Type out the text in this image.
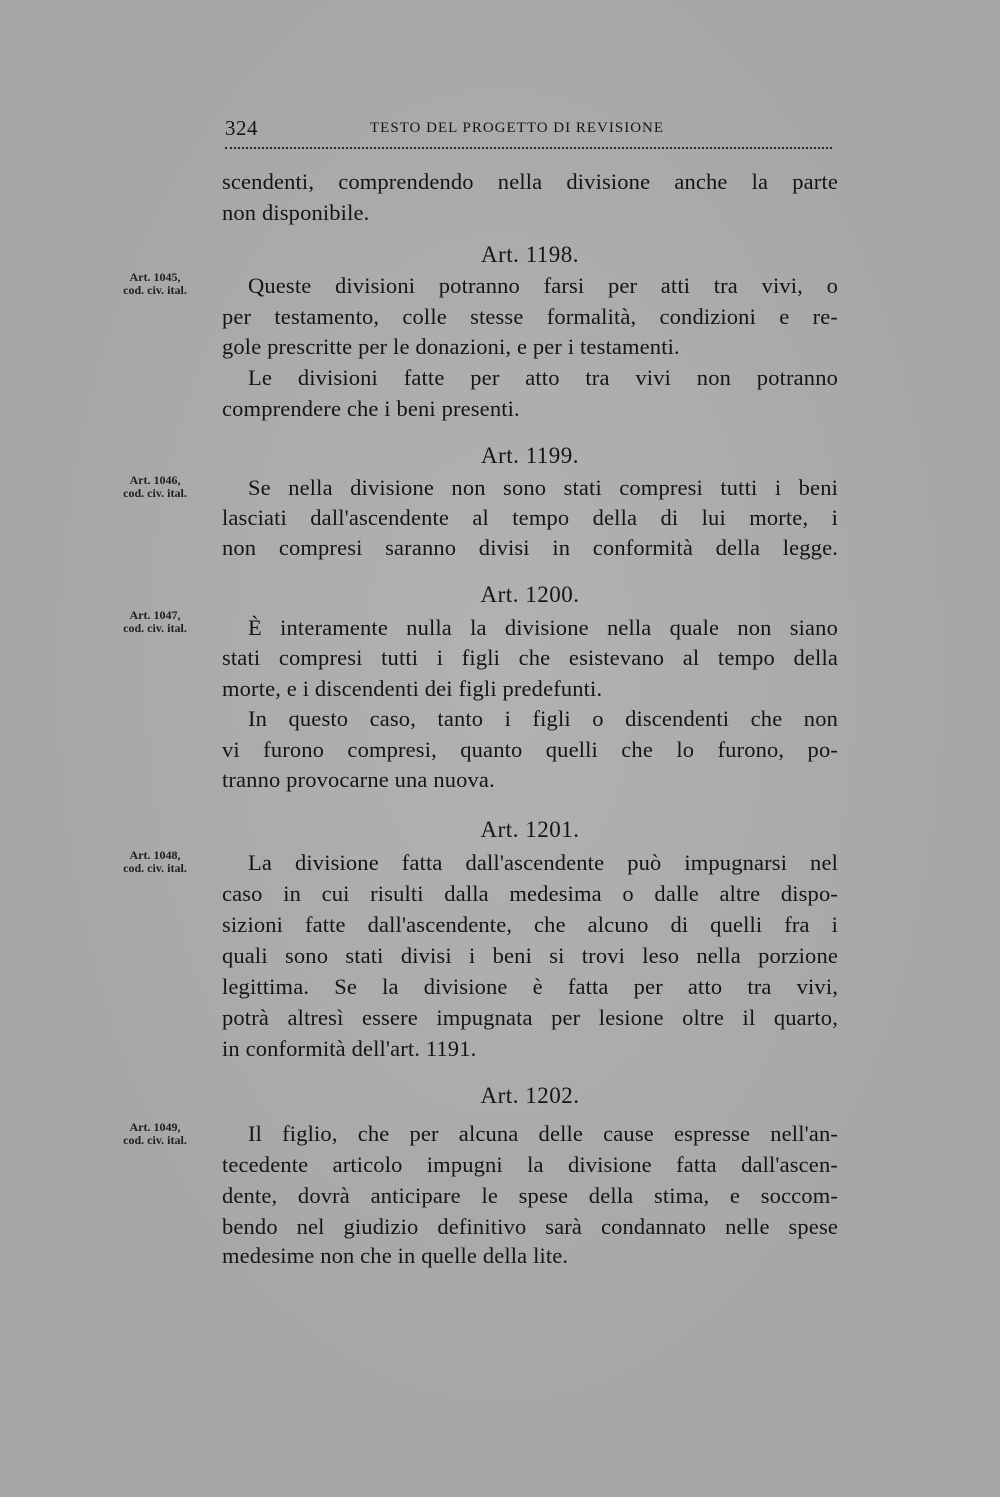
324	TESTO DEL PROGETTO DI REVISIONE
Art. 1045,
cod. civ. ital.
Art. 1046,
cod. civ. ital.
Art. 1047,
cod. civ. ital.
Art. 1048,
cod. civ. ital.
Art. 1049,
cod. civ. ital.
scendenti, comprendendo nella divisione anche la parte
non disponibile.
Art. 1198.
Queste divisioni potranno farsi per atti tra vivi, o
per testamento, colle stesse formalità, condizioni e re-
gole prescritte per le donazioni, e per i testamenti.
Le divisioni fatte per atto tra vivi non potranno
comprendere che i beni presenti.
Art. 1199.
Se nella divisione non sono stati compresi tutti i beni
lasciati dall'ascendente al tempo della di lui morte, i
non compresi saranno divisi in conformità della legge.
Art. 1200.
È interamente nulla la divisione nella quale non siano
stati compresi tutti i figli che esistevano al tempo della
morte, e i discendenti dei figli predefunti.
In questo caso, tanto i figli o discendenti che non
vi furono compresi, quanto quelli che lo furono, po-
tranno provocarne una nuova.
Art. 1201.
La divisione fatta dall'ascendente può impugnarsi nel
caso in cui risulti dalla medesima o dalle altre dispo-
sizioni fatte dall'ascendente, che alcuno di quelli fra i
quali sono stati divisi i beni si trovi leso nella porzione
legittima. Se la divisione è fatta per atto tra vivi,
potrà altresì essere impugnata per lesione oltre il quarto,
in conformità dell'art. 1191.
Art. 1202.
Il figlio, che per alcuna delle cause espresse nell'an-
tecedente articolo impugni la divisione fatta dall'ascen-
dente, dovrà anticipare le spese della stima, e soccom-
bendo nel giudizio definitivo sarà condannato nelle spese
medesime non che in quelle della lite.
